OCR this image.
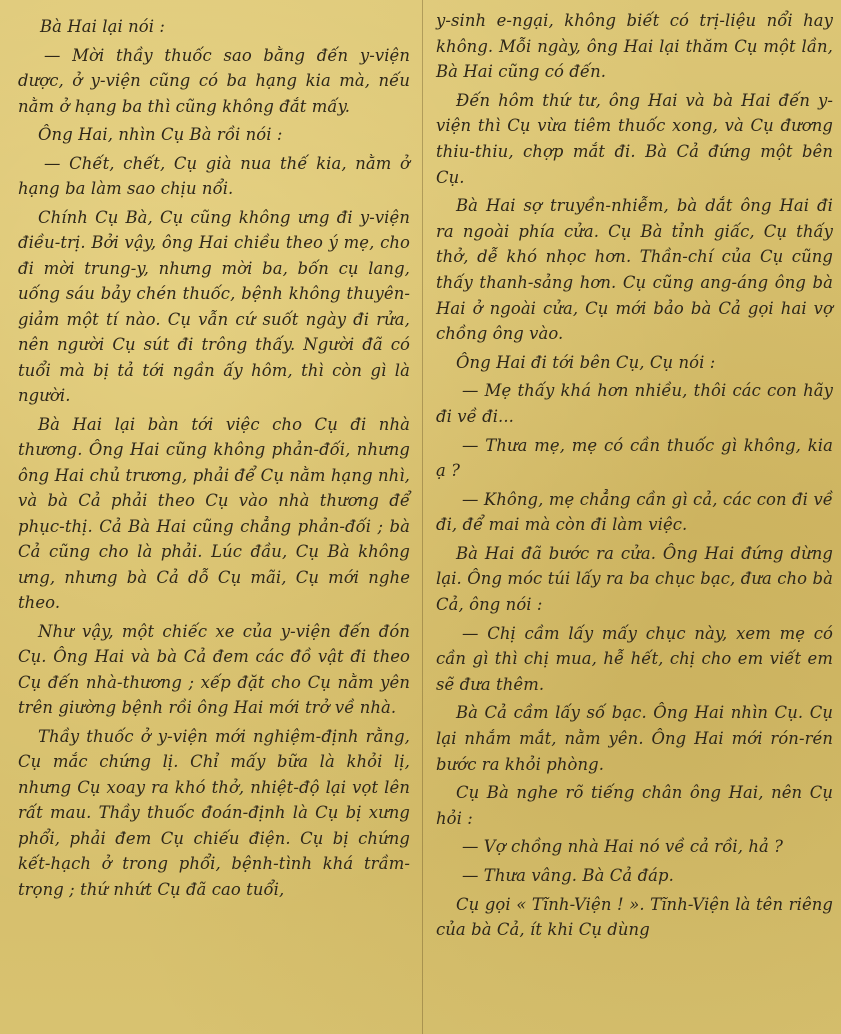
Bà Hai lại nói :

— Mời thầy thuốc sao bằng đến y-viện dược, ở y-viện cũng có ba hạng kia mà, nếu nằm ở hạng ba thì cũng không đắt mấy.

Ông Hai, nhìn Cụ Bà rồi nói :

— Chết, chết, Cụ già nua thế kia, nằm ở hạng ba làm sao chịu nổi.

Chính Cụ Bà, Cụ cũng không ưng đi y-viện điều-trị. Bởi vậy, ông Hai chiều theo ý mẹ, cho đi mời trung-y, nhưng mời ba, bốn cụ lang, uống sáu bảy chén thuốc, bệnh không thuyên-giảm một tí nào. Cụ vẫn cứ suốt ngày đi rửa, nên người Cụ sút đi trông thấy. Người đã có tuổi mà bị tả tới ngần ấy hôm, thì còn gì là người.

Bà Hai lại bàn tới việc cho Cụ đi nhà thương. Ông Hai cũng không phản-đối, nhưng ông Hai chủ trương, phải để Cụ nằm hạng nhì, và bà Cả phải theo Cụ vào nhà thương để phục-thị. Cả Bà Hai cũng chẳng phản-đối ; bà Cả cũng cho là phải. Lúc đầu, Cụ Bà không ưng, nhưng bà Cả dỗ Cụ mãi, Cụ mới nghe theo.

Như vậy, một chiếc xe của y-viện đến đón Cụ. Ông Hai và bà Cả đem các đồ vật đi theo Cụ đến nhà-thương ; xếp đặt cho Cụ nằm yên trên giường bệnh rồi ông Hai mới trở về nhà.

Thầy thuốc ở y-viện mới nghiệm-định rằng, Cụ mắc chứng lị. Chỉ mấy bữa là khỏi lị, nhưng Cụ xoay ra khó thở, nhiệt-độ lại vọt lên rất mau. Thầy thuốc đoán-định là Cụ bị xưng phổi, phải đem Cụ chiếu điện. Cụ bị chứng kết-hạch ở trong phổi, bệnh-tình khá trầm-trọng ; thứ nhứt Cụ đã cao tuổi,

y-sinh e-ngại, không biết có trị-liệu nổi hay không. Mỗi ngày, ông Hai lại thăm Cụ một lần, Bà Hai cũng có đến.

Đến hôm thứ tư, ông Hai và bà Hai đến y-viện thì Cụ vừa tiêm thuốc xong, và Cụ đương thiu-thiu, chợp mắt đi. Bà Cả đứng một bên Cụ.

Bà Hai sợ truyền-nhiễm, bà dắt ông Hai đi ra ngoài phía cửa. Cụ Bà tỉnh giấc, Cụ thấy thở, dễ khó nhọc hơn. Thần-chí của Cụ cũng thấy thanh-sảng hơn. Cụ cũng ang-áng ông bà Hai ở ngoài cửa, Cụ mới bảo bà Cả gọi hai vợ chồng ông vào.

Ông Hai đi tới bên Cụ, Cụ nói :

— Mẹ thấy khá hơn nhiều, thôi các con hãy đi về đi...

— Thưa mẹ, mẹ có cần thuốc gì không, kia ạ ?

— Không, mẹ chẳng cần gì cả, các con đi về đi, để mai mà còn đi làm việc.

Bà Hai đã bước ra cửa. Ông Hai đứng dừng lại. Ông móc túi lấy ra ba chục bạc, đưa cho bà Cả, ông nói :

— Chị cầm lấy mấy chục này, xem mẹ có cần gì thì chị mua, hễ hết, chị cho em viết em sẽ đưa thêm.

Bà Cả cầm lấy số bạc. Ông Hai nhìn Cụ. Cụ lại nhắm mắt, nằm yên. Ông Hai mới rón-rén bước ra khỏi phòng.

Cụ Bà nghe rõ tiếng chân ông Hai, nên Cụ hỏi :

— Vợ chồng nhà Hai nó về cả rồi, hả ?

— Thưa vâng. Bà Cả đáp.

Cụ gọi « Tĩnh-Viện ! ». Tĩnh-Viện là tên riêng của bà Cả, ít khi Cụ dùng
